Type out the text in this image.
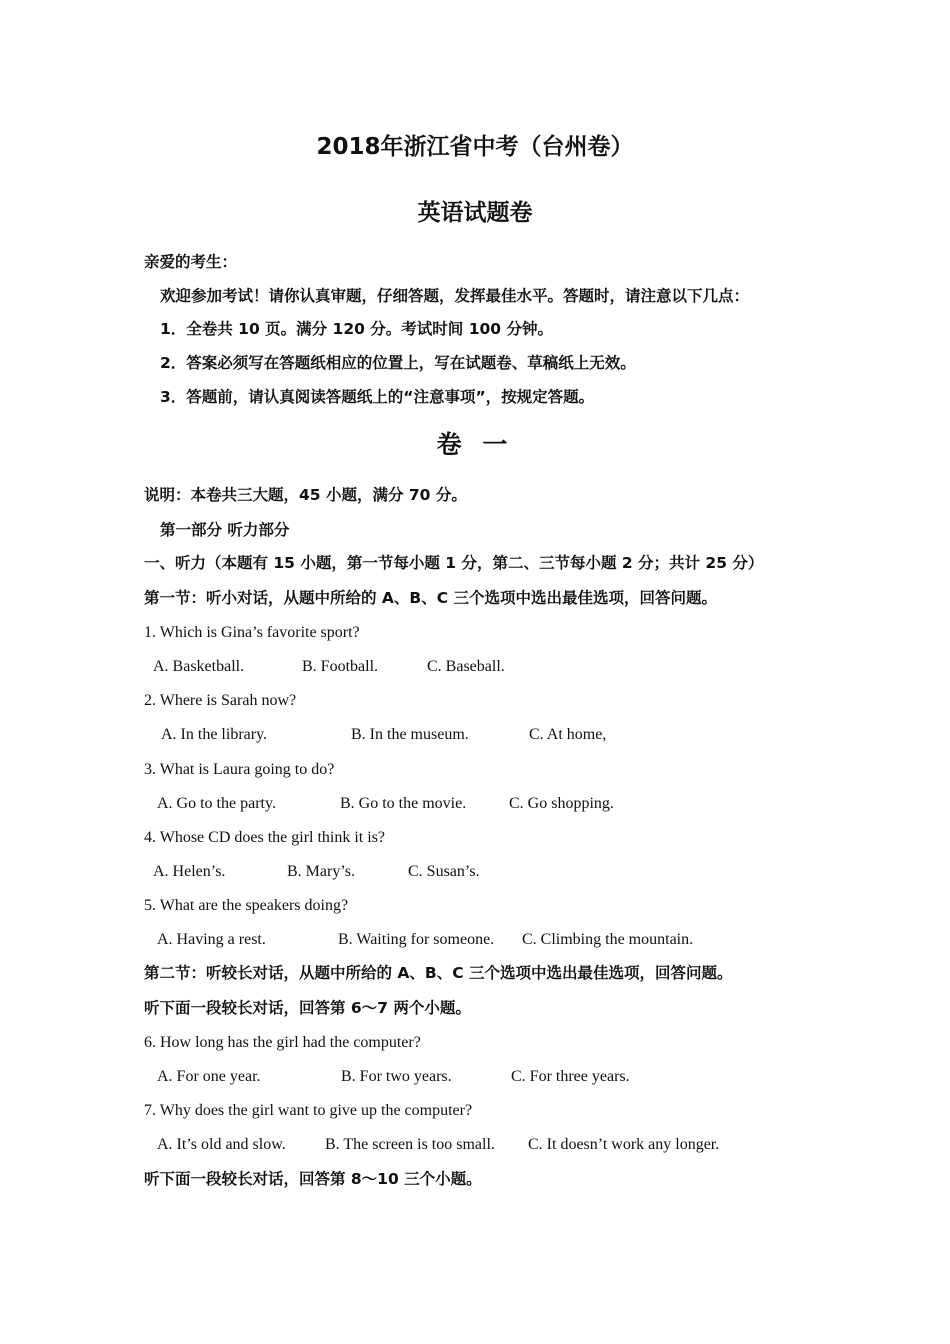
2018年浙江省中考（台州卷）
英语试题卷
亲爱的考生：
欢迎参加考试！请你认真审题，仔细答题，发挥最佳水平。答题时，请注意以下几点：
1．全卷共 10 页。满分 120 分。考试时间 100 分钟。
2．答案必须写在答题纸相应的位置上，写在试题卷、草稿纸上无效。
3．答题前，请认真阅读答题纸上的“注意事项”，按规定答题。
卷 一
说明：本卷共三大题，45 小题，满分 70 分。
第一部分 听力部分
一、听力（本题有 15 小题，第一节每小题 1 分，第二、三节每小题 2 分；共计 25 分）
第一节：听小对话，从题中所给的 A、B、C 三个选项中选出最佳选项，回答问题。
1. Which is Gina’s favorite sport?
A. Basketball.	B. Football.	C. Baseball.
2. Where is Sarah now?
A. In the library.	B. In the museum.	C. At home,
3. What is Laura going to do?
A. Go to the party.	B. Go to the movie.	C. Go shopping.
4. Whose CD does the girl think it is?
A. Helen’s.	B. Mary’s.	C. Susan’s.
5. What are the speakers doing?
A. Having a rest.	B. Waiting for someone. C. Climbing the mountain.
第二节：听较长对话，从题中所给的 A、B、C 三个选项中选出最佳选项，回答问题。
听下面一段较长对话，回答第 6～7 两个小题。
6. How long has the girl had the computer?
A. For one year.	B. For two years.	C. For three years.
7. Why does the girl want to give up the computer?
A. It’s old and slow. B. The screen is too small. C. It doesn’t work any longer.
听下面一段较长对话，回答第 8～10 三个小题。
